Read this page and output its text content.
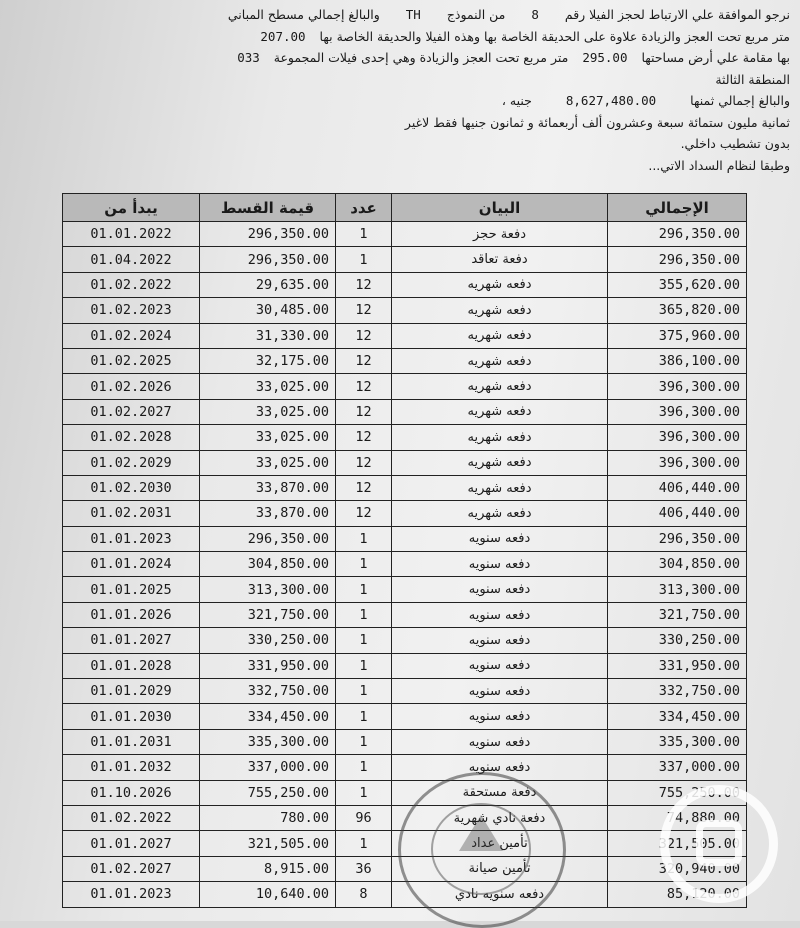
نرجو الموافقة علي الارتباط لحجز الفيلا رقم 8 من النموذج TH والبالغ إجمالي مسطح المباني
متر مربع تحت العجز والزيادة علاوة على الحديقة الخاصة بها وهذه الفيلا والحديقة الخاصة بها 207.00
بها مقامة علي أرض مساحتها 295.00 متر مربع تحت العجز والزيادة وهي إحدى فيلات المجموعة 033
المنطقة الثالثة
والبالغ إجمالي ثمنها 8,627,480.00 جنيه ،
ثمانية مليون ستمائة سبعة وعشرون ألف أربعمائة و ثمانون جنيها فقط لاغير
بدون تشطيب داخلي.
وطبقا لنظام السداد الاتي...
يبدأ من	قيمة القسط	عدد	البيان	الإجمالي
01.01.2022	296,350.00	1	دفعة حجز	296,350.00
01.04.2022	296,350.00	1	دفعة تعاقد	296,350.00
01.02.2022	29,635.00	12	دفعه شهريه	355,620.00
01.02.2023	30,485.00	12	دفعه شهريه	365,820.00
01.02.2024	31,330.00	12	دفعه شهريه	375,960.00
01.02.2025	32,175.00	12	دفعه شهريه	386,100.00
01.02.2026	33,025.00	12	دفعه شهريه	396,300.00
01.02.2027	33,025.00	12	دفعه شهريه	396,300.00
01.02.2028	33,025.00	12	دفعه شهريه	396,300.00
01.02.2029	33,025.00	12	دفعه شهريه	396,300.00
01.02.2030	33,870.00	12	دفعه شهريه	406,440.00
01.02.2031	33,870.00	12	دفعه شهريه	406,440.00
01.01.2023	296,350.00	1	دفعه سنويه	296,350.00
01.01.2024	304,850.00	1	دفعه سنويه	304,850.00
01.01.2025	313,300.00	1	دفعه سنويه	313,300.00
01.01.2026	321,750.00	1	دفعه سنويه	321,750.00
01.01.2027	330,250.00	1	دفعه سنويه	330,250.00
01.01.2028	331,950.00	1	دفعه سنويه	331,950.00
01.01.2029	332,750.00	1	دفعه سنويه	332,750.00
01.01.2030	334,450.00	1	دفعه سنويه	334,450.00
01.01.2031	335,300.00	1	دفعه سنويه	335,300.00
01.01.2032	337,000.00	1	دفعه سنويه	337,000.00
01.10.2026	755,250.00	1	دفعة مستحقة	755,250.00
01.02.2022	780.00	96	دفعة نادي شهرية	74,880.00
01.01.2027	321,505.00	1	تأمين عداد	321,505.00
01.02.2027	8,915.00	36	تأمين صيانة	320,940.00
01.01.2023	10,640.00	8	دفعه سنويه نادي	85,120.00
